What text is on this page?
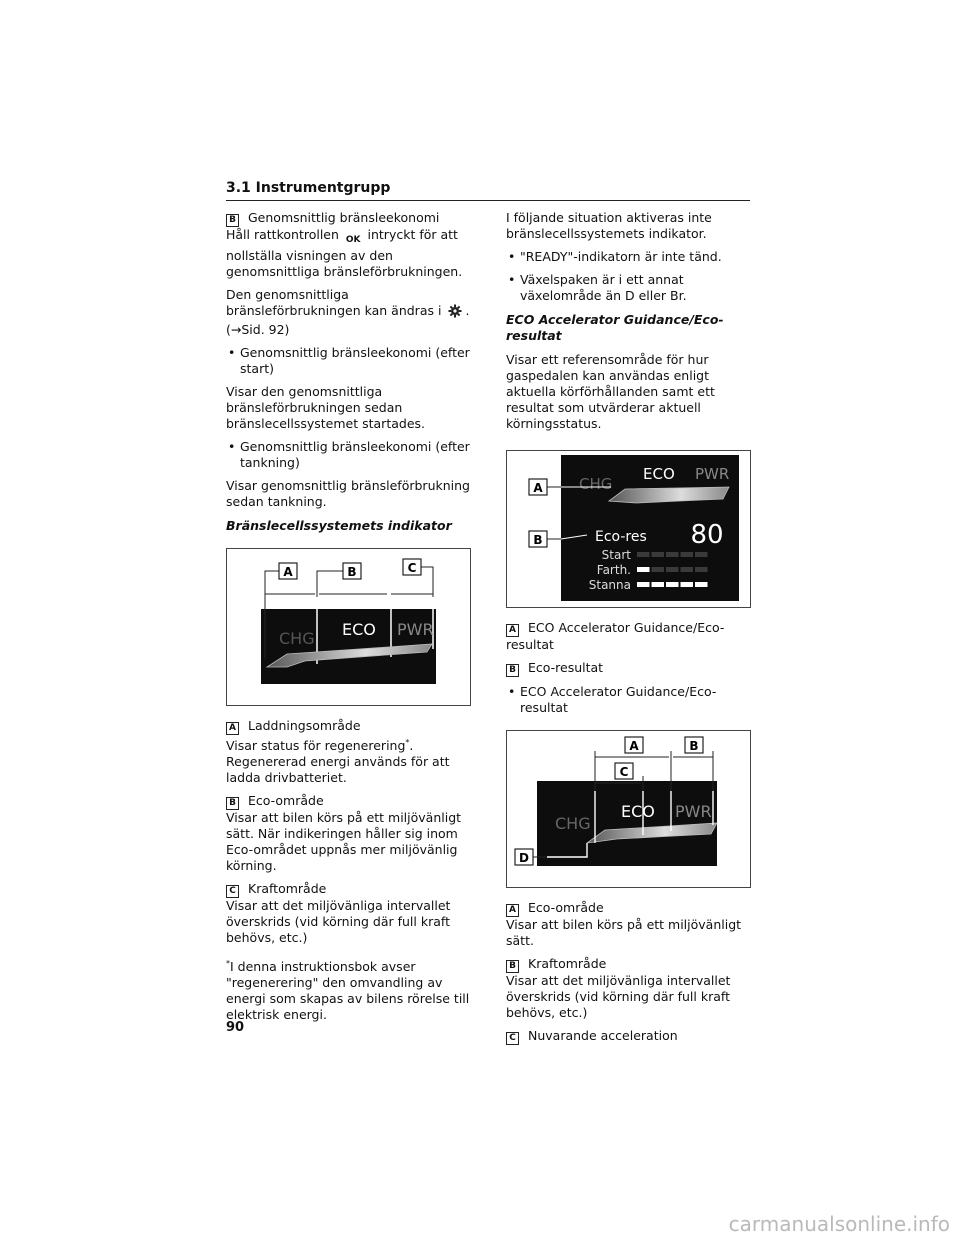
3.1 Instrumentgrupp

B Genomsnittlig bränsleekonomi

Håll rattkontrollen OK intryckt för att nollställa visningen av den genomsnittliga bränsleförbrukningen.

Den genomsnittliga bränsleförbrukningen kan ändras i .
(→Sid. 92)

• Genomsnittlig bränsleekonomi (efter start)

Visar den genomsnittliga bränsleförbrukningen sedan bränslecellssystemet startades.

• Genomsnittlig bränsleekonomi (efter tankning)

Visar genomsnittlig bränsleförbrukning sedan tankning.

Bränslecellssystemets indikator

A	B	C
CHG ECO PWR

A Laddningsområde

Visar status för regenerering*. Regenererad energi används för att ladda drivbatteriet.

B Eco-område

Visar att bilen körs på ett miljövänligt sätt. När indikeringen håller sig inom Eco-området uppnås mer miljövänlig körning.

C Kraftområde

Visar att det miljövänliga intervallet överskrids (vid körning där full kraft behövs, etc.)

*I denna instruktionsbok avser "regenerering" den omvandling av energi som skapas av bilens rörelse till elektrisk energi.

I följande situation aktiveras inte bränslecellssystemets indikator.

• "READY"-indikatorn är inte tänd.

• Växelspaken är i ett annat växelområde än D eller Br.

ECO Accelerator Guidance/Eco-resultat

Visar ett referensområde för hur gaspedalen kan användas enligt aktuella körförhållanden samt ett resultat som utvärderar aktuell körningsstatus.

CHG
ECO PWR
Eco-res 80
Start
Farth.
Stanna
A
B

A ECO Accelerator Guidance/Eco-resultat

B Eco-resultat

• ECO Accelerator Guidance/Eco-resultat

CHG
ECO PWR
A	B
C
D

A Eco-område

Visar att bilen körs på ett miljövänligt sätt.

B Kraftområde

Visar att det miljövänliga intervallet överskrids (vid körning där full kraft behövs, etc.)

C Nuvarande acceleration

90
carmanualsonline.info
